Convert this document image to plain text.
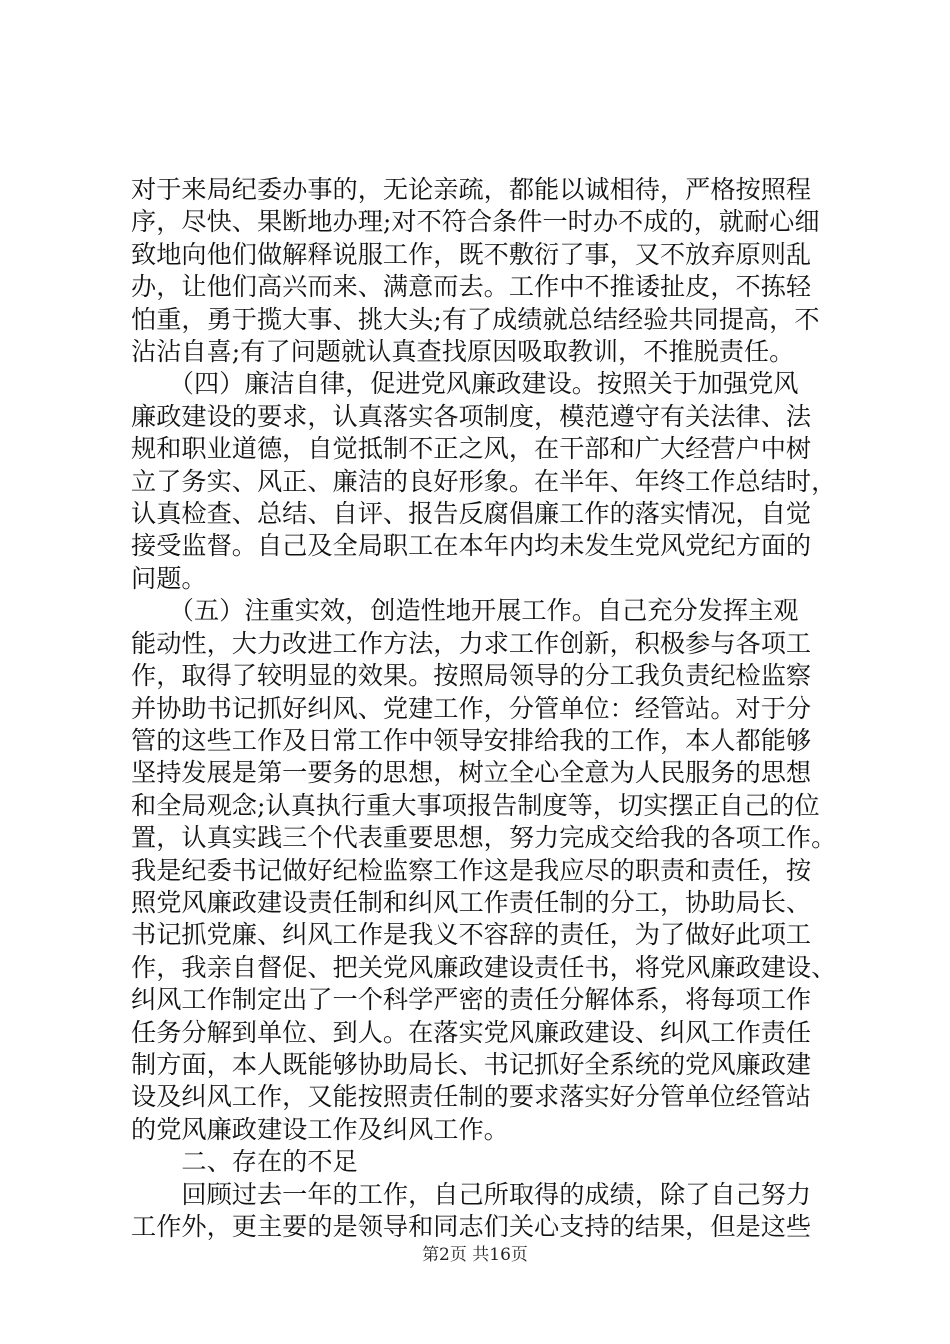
对于来局纪委办事的，无论亲疏，都能以诚相待，严格按照程

序，尽快、果断地办理;对不符合条件一时办不成的，就耐心细

致地向他们做解释说服工作，既不敷衍了事，又不放弃原则乱

办，让他们高兴而来、满意而去。工作中不推诿扯皮，不拣轻

怕重，勇于揽大事、挑大头;有了成绩就总结经验共同提高，不

沾沾自喜;有了问题就认真查找原因吸取教训，不推脱责任。

　　（四）廉洁自律，促进党风廉政建设。按照关于加强党风

廉政建设的要求，认真落实各项制度，模范遵守有关法律、法

规和职业道德，自觉抵制不正之风，在干部和广大经营户中树

立了务实、风正、廉洁的良好形象。在半年、年终工作总结时，

认真检查、总结、自评、报告反腐倡廉工作的落实情况，自觉

接受监督。自己及全局职工在本年内均未发生党风党纪方面的

问题。

　　（五）注重实效，创造性地开展工作。自己充分发挥主观

能动性，大力改进工作方法，力求工作创新，积极参与各项工

作，取得了较明显的效果。按照局领导的分工我负责纪检监察

并协助书记抓好纠风、党建工作，分管单位：经管站。对于分

管的这些工作及日常工作中领导安排给我的工作，本人都能够

坚持发展是第一要务的思想，树立全心全意为人民服务的思想

和全局观念;认真执行重大事项报告制度等，切实摆正自己的位

置，认真实践三个代表重要思想，努力完成交给我的各项工作。

我是纪委书记做好纪检监察工作这是我应尽的职责和责任，按

照党风廉政建设责任制和纠风工作责任制的分工，协助局长、

书记抓党廉、纠风工作是我义不容辞的责任，为了做好此项工

作，我亲自督促、把关党风廉政建设责任书，将党风廉政建设、

纠风工作制定出了一个科学严密的责任分解体系，将每项工作

任务分解到单位、到人。在落实党风廉政建设、纠风工作责任

制方面，本人既能够协助局长、书记抓好全系统的党风廉政建

设及纠风工作，又能按照责任制的要求落实好分管单位经管站

的党风廉政建设工作及纠风工作。

　　二、存在的不足

　　回顾过去一年的工作，自己所取得的成绩，除了自己努力

工作外，更主要的是领导和同志们关心支持的结果，但是这些

第2页 共16页
